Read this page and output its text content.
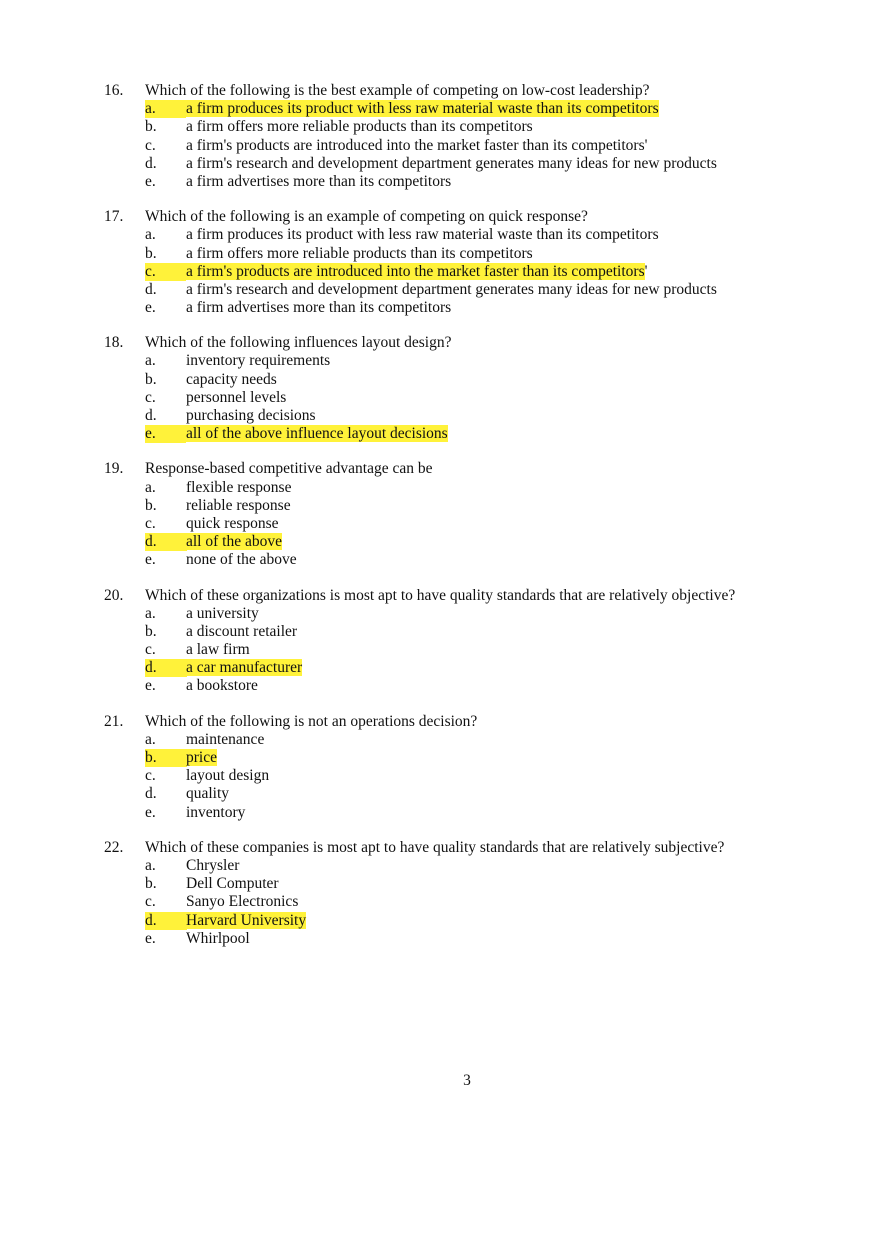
16. Which of the following is the best example of competing on low-cost leadership?
a.	a firm produces its product with less raw material waste than its competitors
b. a firm offers more reliable products than its competitors
c. a firm's products are introduced into the market faster than its competitors'
d. a firm's research and development department generates many ideas for new products
e. a firm advertises more than its competitors
17. Which of the following is an example of competing on quick response?
a. a firm produces its product with less raw material waste than its competitors
b. a firm offers more reliable products than its competitors
c.	a firm's products are introduced into the market faster than its competitors'
d. a firm's research and development department generates many ideas for new products
e. a firm advertises more than its competitors
18. Which of the following influences layout design?
a. inventory requirements
b. capacity needs
c. personnel levels
d. purchasing decisions
e.	all of the above influence layout decisions
19. Response-based competitive advantage can be
a. flexible response
b. reliable response
c. quick response
d.	all of the above
e. none of the above
20. Which of these organizations is most apt to have quality standards that are relatively objective?
a. a university
b. a discount retailer
c. a law firm
d.	a car manufacturer
e. a bookstore
21. Which of the following is not an operations decision?
a. maintenance
b.	price
c. layout design
d. quality
e. inventory
22. Which of these companies is most apt to have quality standards that are relatively subjective?
a. Chrysler
b. Dell Computer
c. Sanyo Electronics
d.	Harvard University
e. Whirlpool
3
